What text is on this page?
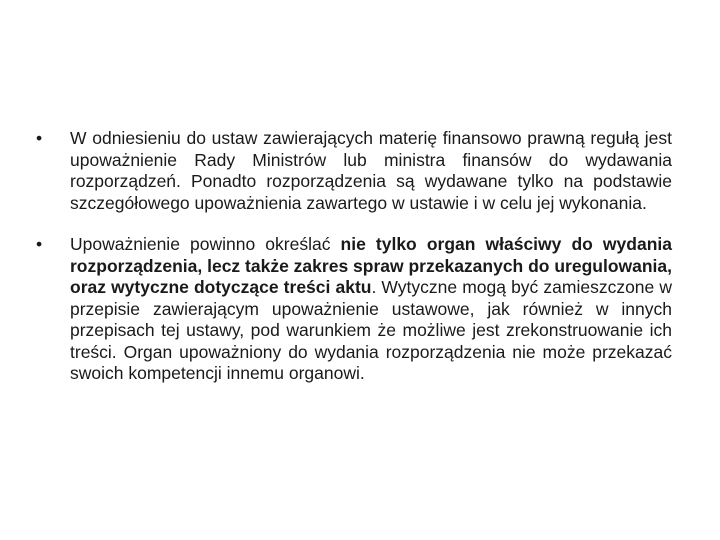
•	W odniesieniu do ustaw zawierających materię finansowo prawną regułą jest upoważnienie Rady Ministrów lub ministra finansów do wydawania rozporządzeń. Ponadto rozporządzenia są wydawane tylko na podstawie szczegółowego upoważnienia zawartego w ustawie i w celu jej wykonania.
•	Upoważnienie powinno określać nie tylko organ właściwy do wydania rozporządzenia, lecz także zakres spraw przekazanych do uregulowania, oraz wytyczne dotyczące treści aktu. Wytyczne mogą być zamieszczone w przepisie zawierającym upoważnienie ustawowe, jak również w innych przepisach tej ustawy, pod warunkiem że możliwe jest zrekonstruowanie ich treści. Organ upoważniony do wydania rozporządzenia nie może przekazać swoich kompetencji innemu organowi.
